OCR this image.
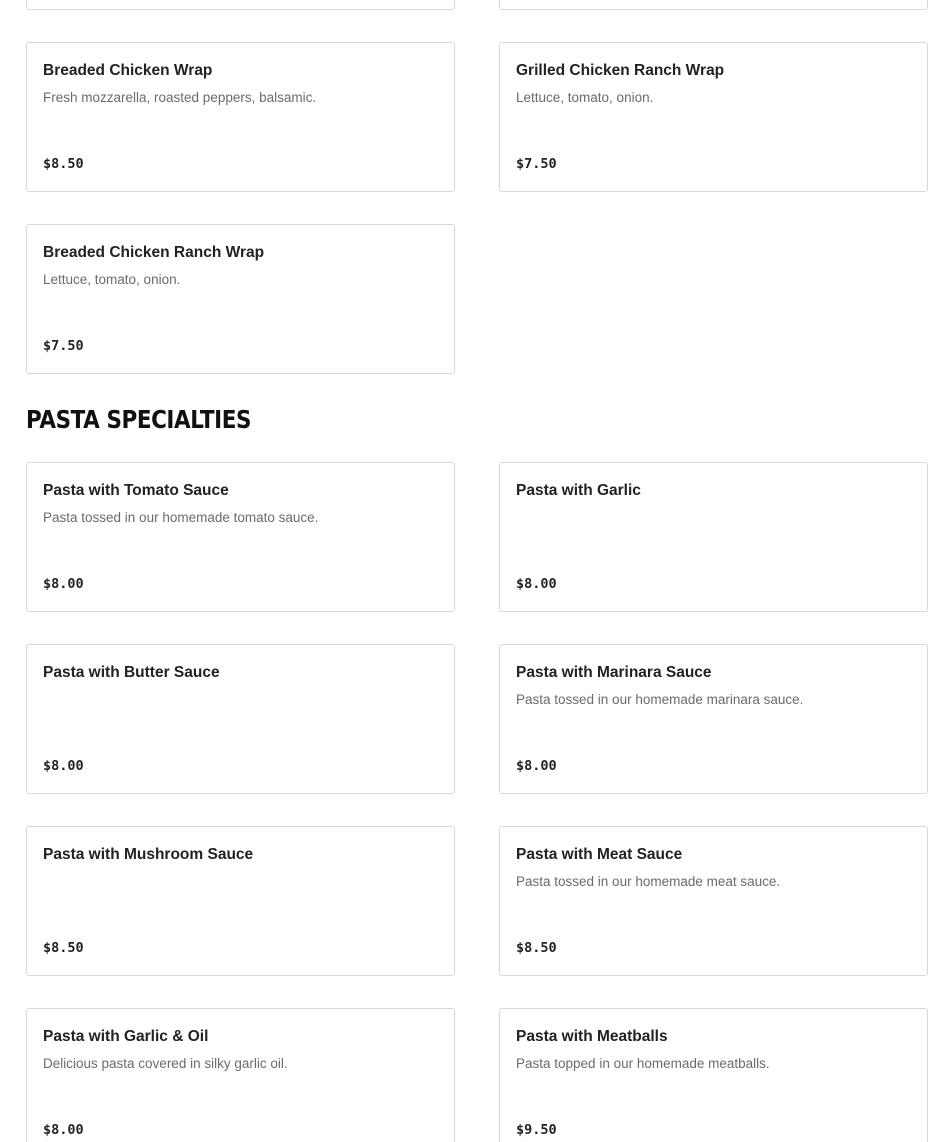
Breaded Chicken Wrap
Fresh mozzarella, roasted peppers, balsamic.
$8.50
Grilled Chicken Ranch Wrap
Lettuce, tomato, onion.
$7.50
Breaded Chicken Ranch Wrap
Lettuce, tomato, onion.
$7.50
PASTA SPECIALTIES
Pasta with Tomato Sauce
Pasta tossed in our homemade tomato sauce.
$8.00
Pasta with Garlic
$8.00
Pasta with Butter Sauce
$8.00
Pasta with Marinara Sauce
Pasta tossed in our homemade marinara sauce.
$8.00
Pasta with Mushroom Sauce
$8.50
Pasta with Meat Sauce
Pasta tossed in our homemade meat sauce.
$8.50
Pasta with Garlic & Oil
Delicious pasta covered in silky garlic oil.
$8.00
Pasta with Meatballs
Pasta topped in our homemade meatballs.
$9.50
